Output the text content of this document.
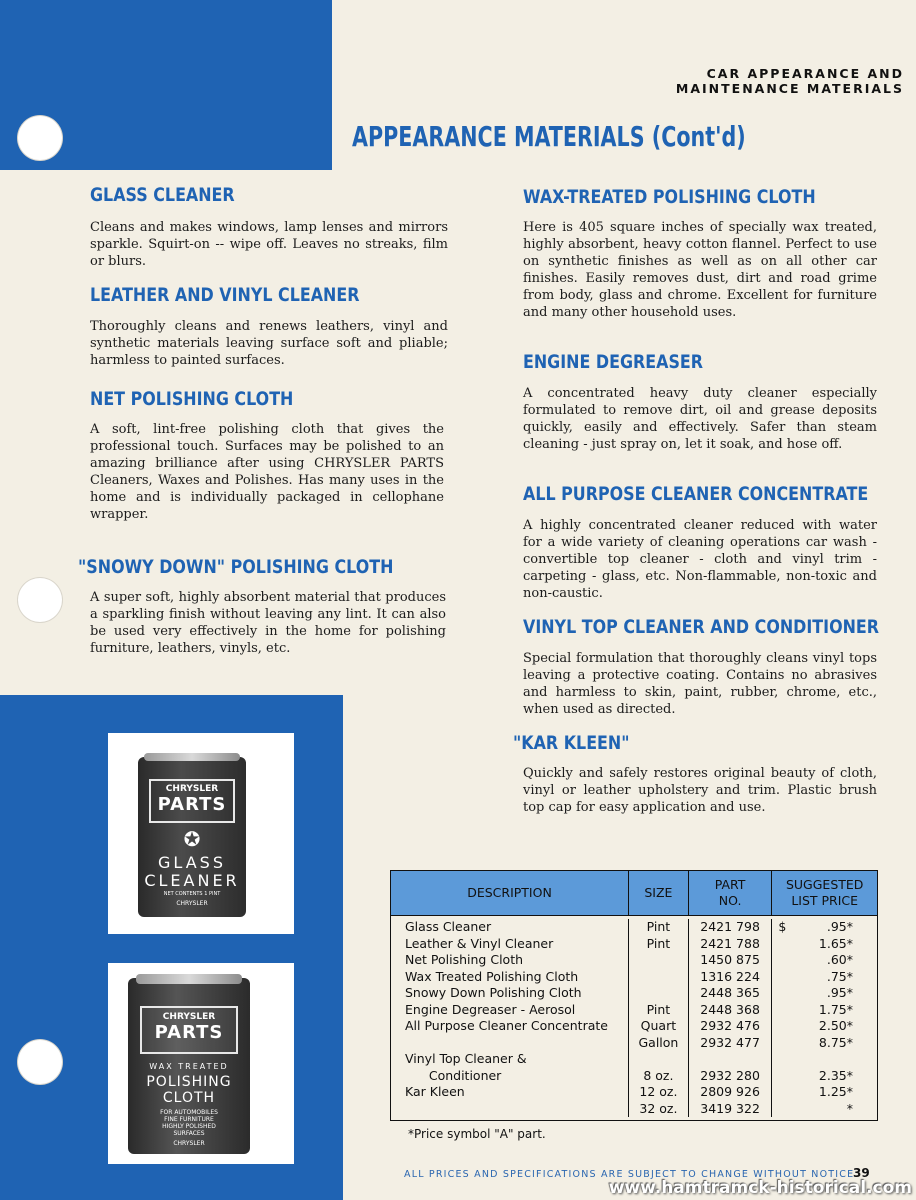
CAR APPEARANCE AND
MAINTENANCE MATERIALS
APPEARANCE MATERIALS (Cont'd)
GLASS CLEANER
Cleans and makes windows, lamp lenses and mirrors sparkle. Squirt-on -- wipe off. Leaves no streaks, film or blurs.
LEATHER AND VINYL CLEANER
Thoroughly cleans and renews leathers, vinyl and synthetic materials leaving surface soft and pliable; harmless to painted surfaces.
NET POLISHING CLOTH
A soft, lint-free polishing cloth that gives the professional touch. Surfaces may be polished to an amazing brilliance after using CHRYSLER PARTS Cleaners, Waxes and Polishes. Has many uses in the home and is individually packaged in cellophane wrapper.
"SNOWY DOWN" POLISHING CLOTH
A super soft, highly absorbent material that produces a sparkling finish without leaving any lint. It can also be used very effectively in the home for polishing furniture, leathers, vinyls, etc.
WAX-TREATED POLISHING CLOTH
Here is 405 square inches of specially wax treated, highly absorbent, heavy cotton flannel. Perfect to use on synthetic finishes as well as on all other car finishes. Easily removes dust, dirt and road grime from body, glass and chrome. Excellent for furniture and many other household uses.
ENGINE DEGREASER
A concentrated heavy duty cleaner especially formulated to remove dirt, oil and grease deposits quickly, easily and effectively. Safer than steam cleaning - just spray on, let it soak, and hose off.
ALL PURPOSE CLEANER CONCENTRATE
A highly concentrated cleaner reduced with water for a wide variety of cleaning operations car wash - convertible top cleaner - cloth and vinyl trim - carpeting - glass, etc. Non-flammable, non-toxic and non-caustic.
VINYL TOP CLEANER AND CONDITIONER
Special formulation that thoroughly cleans vinyl tops leaving a protective coating. Contains no abrasives and harmless to skin, paint, rubber, chrome, etc., when used as directed.
"KAR KLEEN"
Quickly and safely restores original beauty of cloth, vinyl or leather upholstery and trim. Plastic brush top cap for easy application and use.
CHRYSLER
PARTS
✪
GLASS
CLEANER
NET CONTENTS 1 PINT
CHRYSLER
CHRYSLER
PARTS
WAX TREATED
POLISHING
CLOTH
FOR AUTOMOBILES
FINE FURNITURE
HIGHLY POLISHED
SURFACES
CHRYSLER
DESCRIPTION	SIZE
PART
NO.
SUGGESTED
LIST PRICE
Glass Cleaner
Leather & Vinyl Cleaner
Net Polishing Cloth
Wax Treated Polishing Cloth
Snowy Down Polishing Cloth
Engine Degreaser - Aerosol
All Purpose Cleaner Concentrate
Vinyl Top Cleaner &
Conditioner
Kar Kleen
Pint
Pint
Pint
Quart
Gallon
8 oz.
12 oz.
32 oz.
2421 798
2421 788
1450 875
1316 224
2448 365
2448 368
2932 476
2932 477
2932 280
2809 926
3419 322
$	.95*
1.65*
.60*
.75*
.95*
1.75*
2.50*
8.75*
2.35*
1.25*
*
*Price symbol "A" part.
ALL PRICES AND SPECIFICATIONS ARE SUBJECT TO CHANGE WITHOUT NOTICE
39
www.hamtramck-historical.com
